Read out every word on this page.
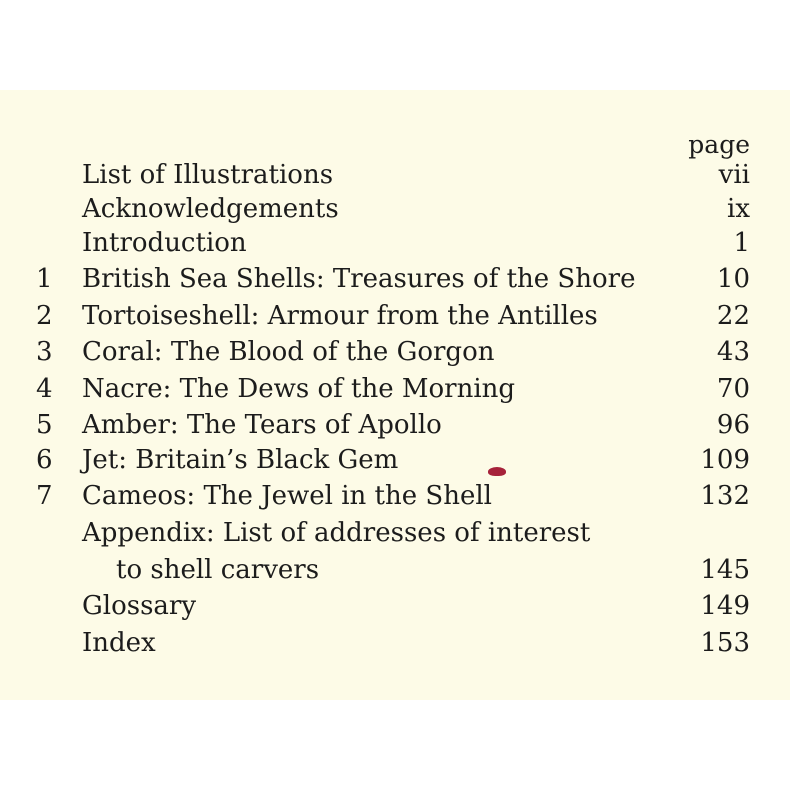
page
List of Illustrations	vii
Acknowledgements	ix
Introduction	1
1 British Sea Shells: Treasures of the Shore	10
2 Tortoiseshell: Armour from the Antilles	22
3 Coral: The Blood of the Gorgon	43
4 Nacre: The Dews of the Morning	70
5 Amber: The Tears of Apollo	96
6 Jet: Britain’s Black Gem	109
7 Cameos: The Jewel in the Shell	132
Appendix: List of addresses of interest
to shell carvers	145
Glossary	149
Index	153
